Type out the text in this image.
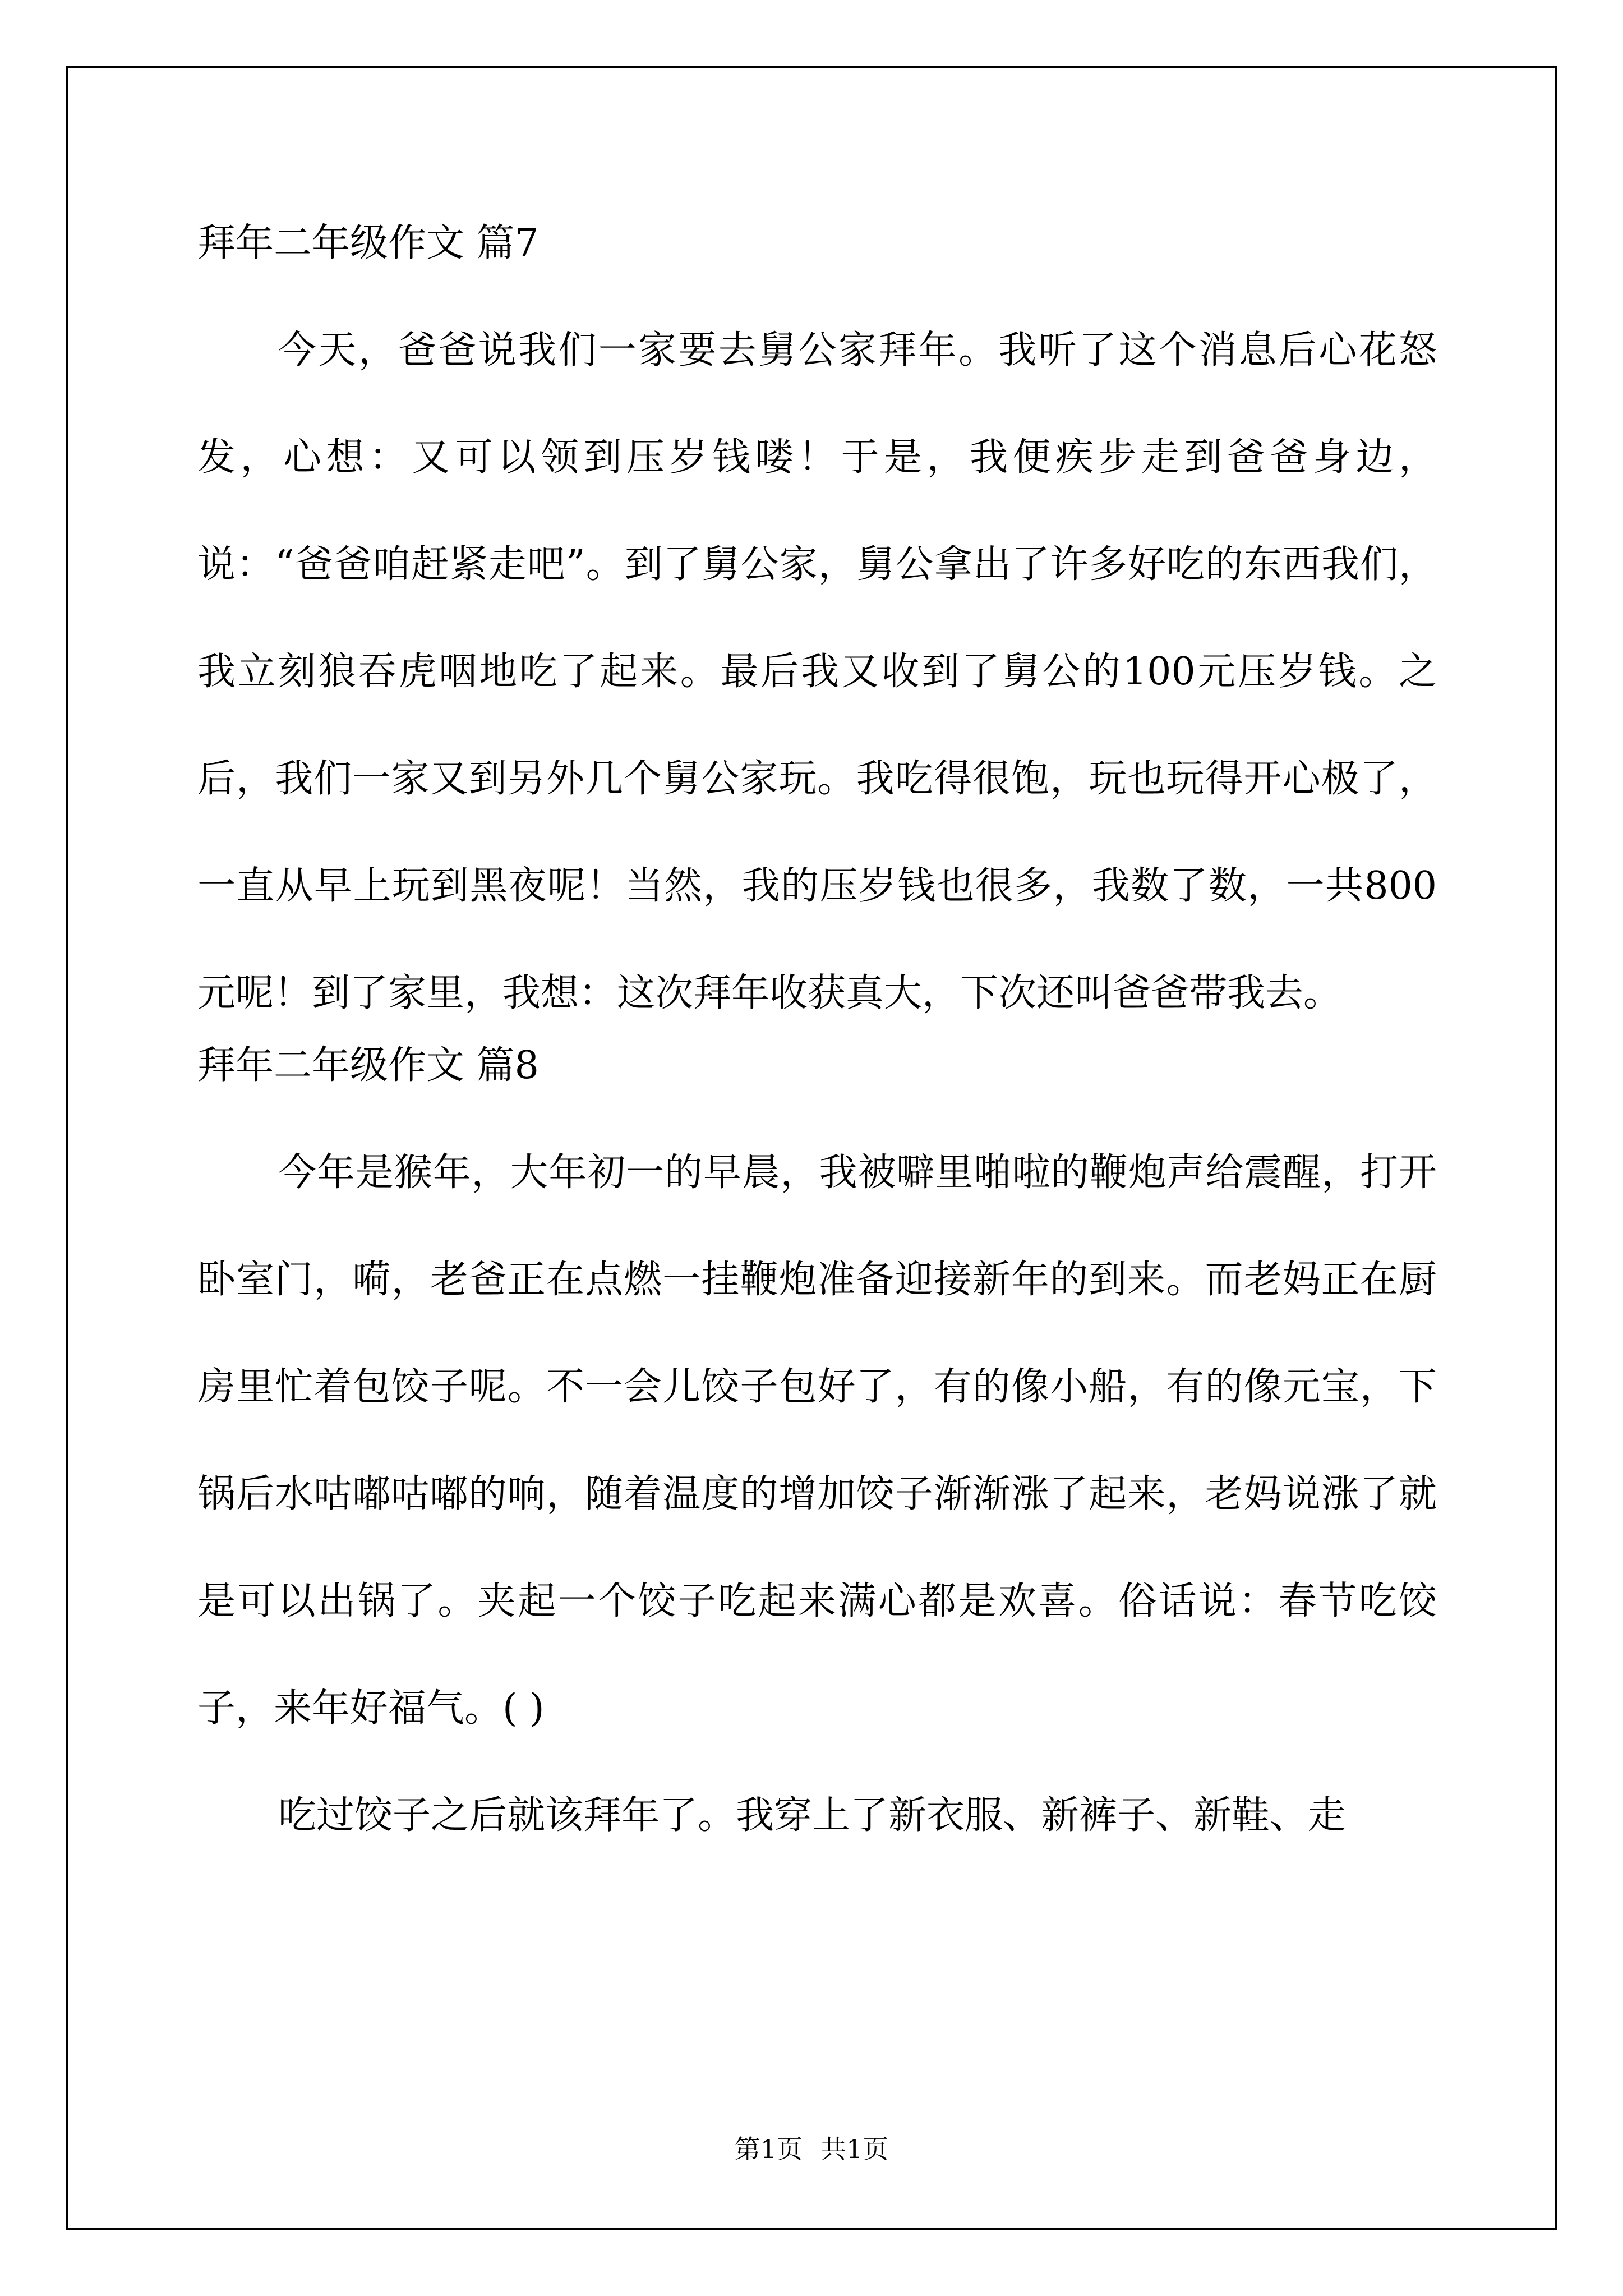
拜年二年级作文 篇7

今天，爸爸说我们一家要去舅公家拜年。我听了这个消息后心花怒发，心想：又可以领到压岁钱喽！于是，我便疾步走到爸爸身边，说：“爸爸咱赶紧走吧”。到了舅公家，舅公拿出了许多好吃的东西我们，我立刻狼吞虎咽地吃了起来。最后我又收到了舅公的100元压岁钱。之后，我们一家又到另外几个舅公家玩。我吃得很饱，玩也玩得开心极了，一直从早上玩到黑夜呢！当然，我的压岁钱也很多，我数了数，一共800元呢！到了家里，我想：这次拜年收获真大，下次还叫爸爸带我去。

拜年二年级作文 篇8

今年是猴年，大年初一的早晨，我被噼里啪啦的鞭炮声给震醒，打开卧室门，嗬，老爸正在点燃一挂鞭炮准备迎接新年的到来。而老妈正在厨房里忙着包饺子呢。不一会儿饺子包好了，有的像小船，有的像元宝，下锅后水咕嘟咕嘟的响，随着温度的增加饺子渐渐涨了起来，老妈说涨了就是可以出锅了。夹起一个饺子吃起来满心都是欢喜。俗话说：春节吃饺子，来年好福气。( )

吃过饺子之后就该拜年了。我穿上了新衣服、新裤子、新鞋、走

第1页 共1页
